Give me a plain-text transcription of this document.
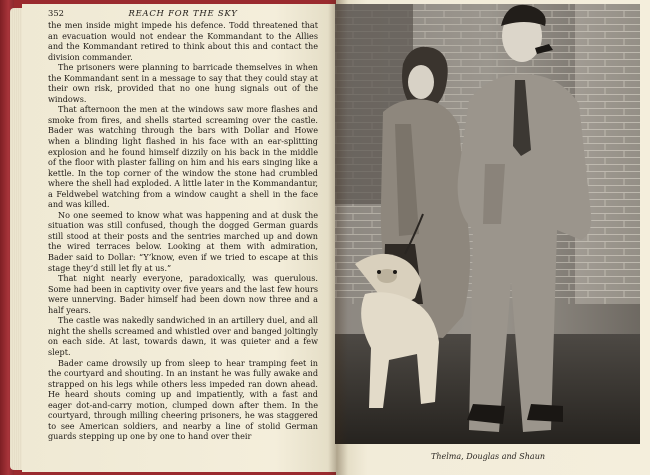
352	REACH FOR THE SKY

the men inside might impede his defence. Todd threatened that an evacuation would not endear the Kommandant to the Allies and the Kommandant retired to think about this and contact the division commander.

The prisoners were planning to barricade themselves in when the Kommandant sent in a message to say that they could stay at their own risk, provided that no one hung signals out of the windows.

That afternoon the men at the windows saw more flashes and smoke from fires, and shells started screaming over the castle. Bader was watching through the bars with Dollar and Howe when a blinding light flashed in his face with an ear-splitting explosion and he found himself dizzily on his back in the middle of the floor with plaster falling on him and his ears singing like a kettle. In the top corner of the window the stone had crumbled where the shell had exploded. A little later in the Kommandantur, a Feldwebel watching from a window caught a shell in the face and was killed.

No one seemed to know what was happening and at dusk the situation was still confused, though the dogged German guards still stood at their posts and the sentries marched up and down the wired terraces below. Looking at them with admiration, Bader said to Dollar: “Y’know, even if we tried to escape at this stage they’d still let fly at us.”

That night nearly everyone, paradoxically, was querulous. Some had been in captivity over five years and the last few hours were unnerving. Bader himself had been down now three and a half years.

The castle was nakedly sandwiched in an artillery duel, and all night the shells screamed and whistled over and banged joltingly on each side. At last, towards dawn, it was quieter and a few slept.

Bader came drowsily up from sleep to hear tramping feet in the courtyard and shouting. In an instant he was fully awake and strapped on his legs while others less impeded ran down ahead. He heard shouts coming up and impatiently, with a fast and eager dot-and-carry motion, clumped down after them. In the courtyard, through milling cheering prisoners, he was staggered to see American soldiers, and nearby a line of stolid German guards stepping up one by one to hand over their

Thelma, Douglas and Shaun
